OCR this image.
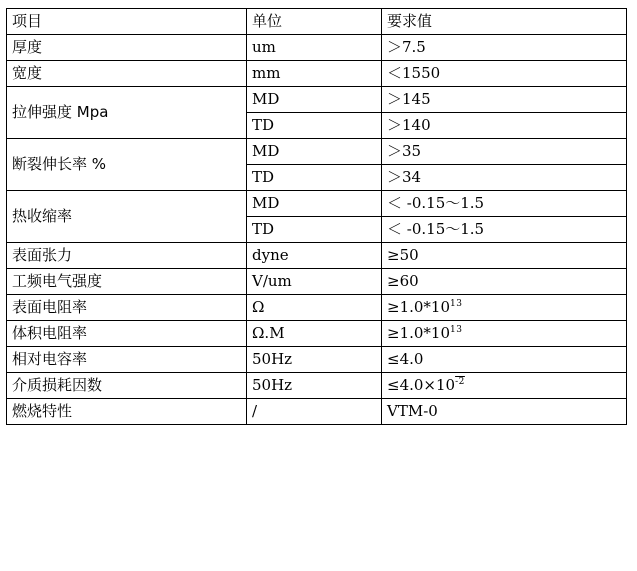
项目	单位	要求值
厚度	um	＞7.5
宽度	mm	＜1550
拉伸强度 Mpa	MD	＞145
	TD	＞140
断裂伸长率 %	MD	＞35
	TD	＞34
热收缩率	MD	＜ -0.15～1.5
	TD	＜ -0.15～1.5
表面张力	dyne	≥50
工频电气强度	V/um	≥60
表面电阻率	Ω	$\ge 1.0*10^{13}$
体积电阻率	Ω.M	$\ge 1.0*10^{13}$
相对电容率	50Hz	≤4.0
介质损耗因数	50Hz	$\le 4.0\times 10^{-2}$
燃烧特性	/	VTM-0
